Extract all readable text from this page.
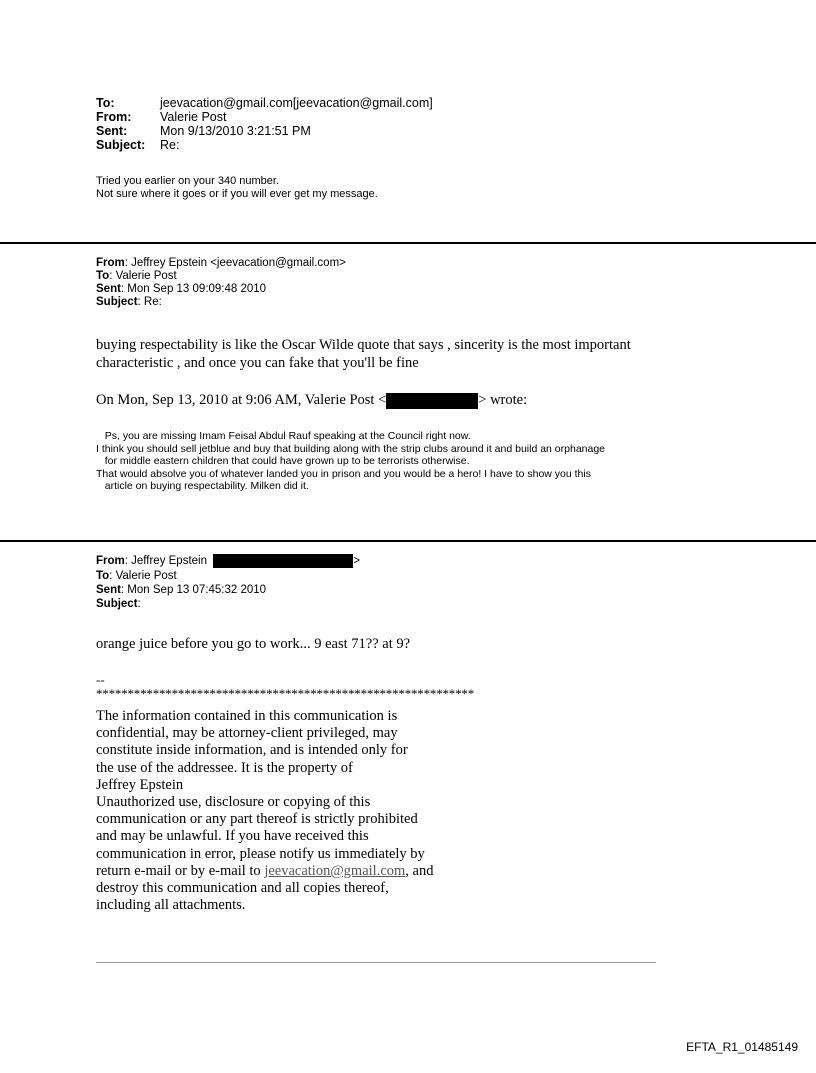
To:	jeevacation@gmail.com[jeevacation@gmail.com]
From: Valerie Post
Sent:	Mon 9/13/2010 3:21:51 PM
Subject: Re:
Tried you earlier on your 340 number.
Not sure where it goes or if you will ever get my message.
From: Jeffrey Epstein <jeevacation@gmail.com>
To: Valerie Post
Sent: Mon Sep 13 09:09:48 2010
Subject: Re:
buying respectability is like the Oscar Wilde quote that says , sincerity is the most important
characteristic , and once you can fake that you'll be fine
On Mon, Sep 13, 2010 at 9:06 AM, Valerie Post <	> wrote:
Ps, you are missing Imam Feisal Abdul Rauf speaking at the Council right now.
I think you should sell jetblue and buy that building along with the strip clubs around it and build an orphanage
for middle eastern children that could have grown up to be terrorists otherwise.
That would absolve you of whatever landed you in prison and you would be a hero! I have to show you this
article on buying respectability. Milken did it.
From: Jeffrey Epstein	>
To: Valerie Post
Sent: Mon Sep 13 07:45:32 2010
Subject:
orange juice before you go to work... 9 east 71?? at 9?
--
************************************************************
The information contained in this communication is
confidential, may be attorney-client privileged, may
constitute inside information, and is intended only for
the use of the addressee. It is the property of
Jeffrey Epstein
Unauthorized use, disclosure or copying of this
communication or any part thereof is strictly prohibited
and may be unlawful. If you have received this
communication in error, please notify us immediately by
return e-mail or by e-mail to jeevacation@gmail.com, and
destroy this communication and all copies thereof,
including all attachments.
EFTA_R1_01485149
